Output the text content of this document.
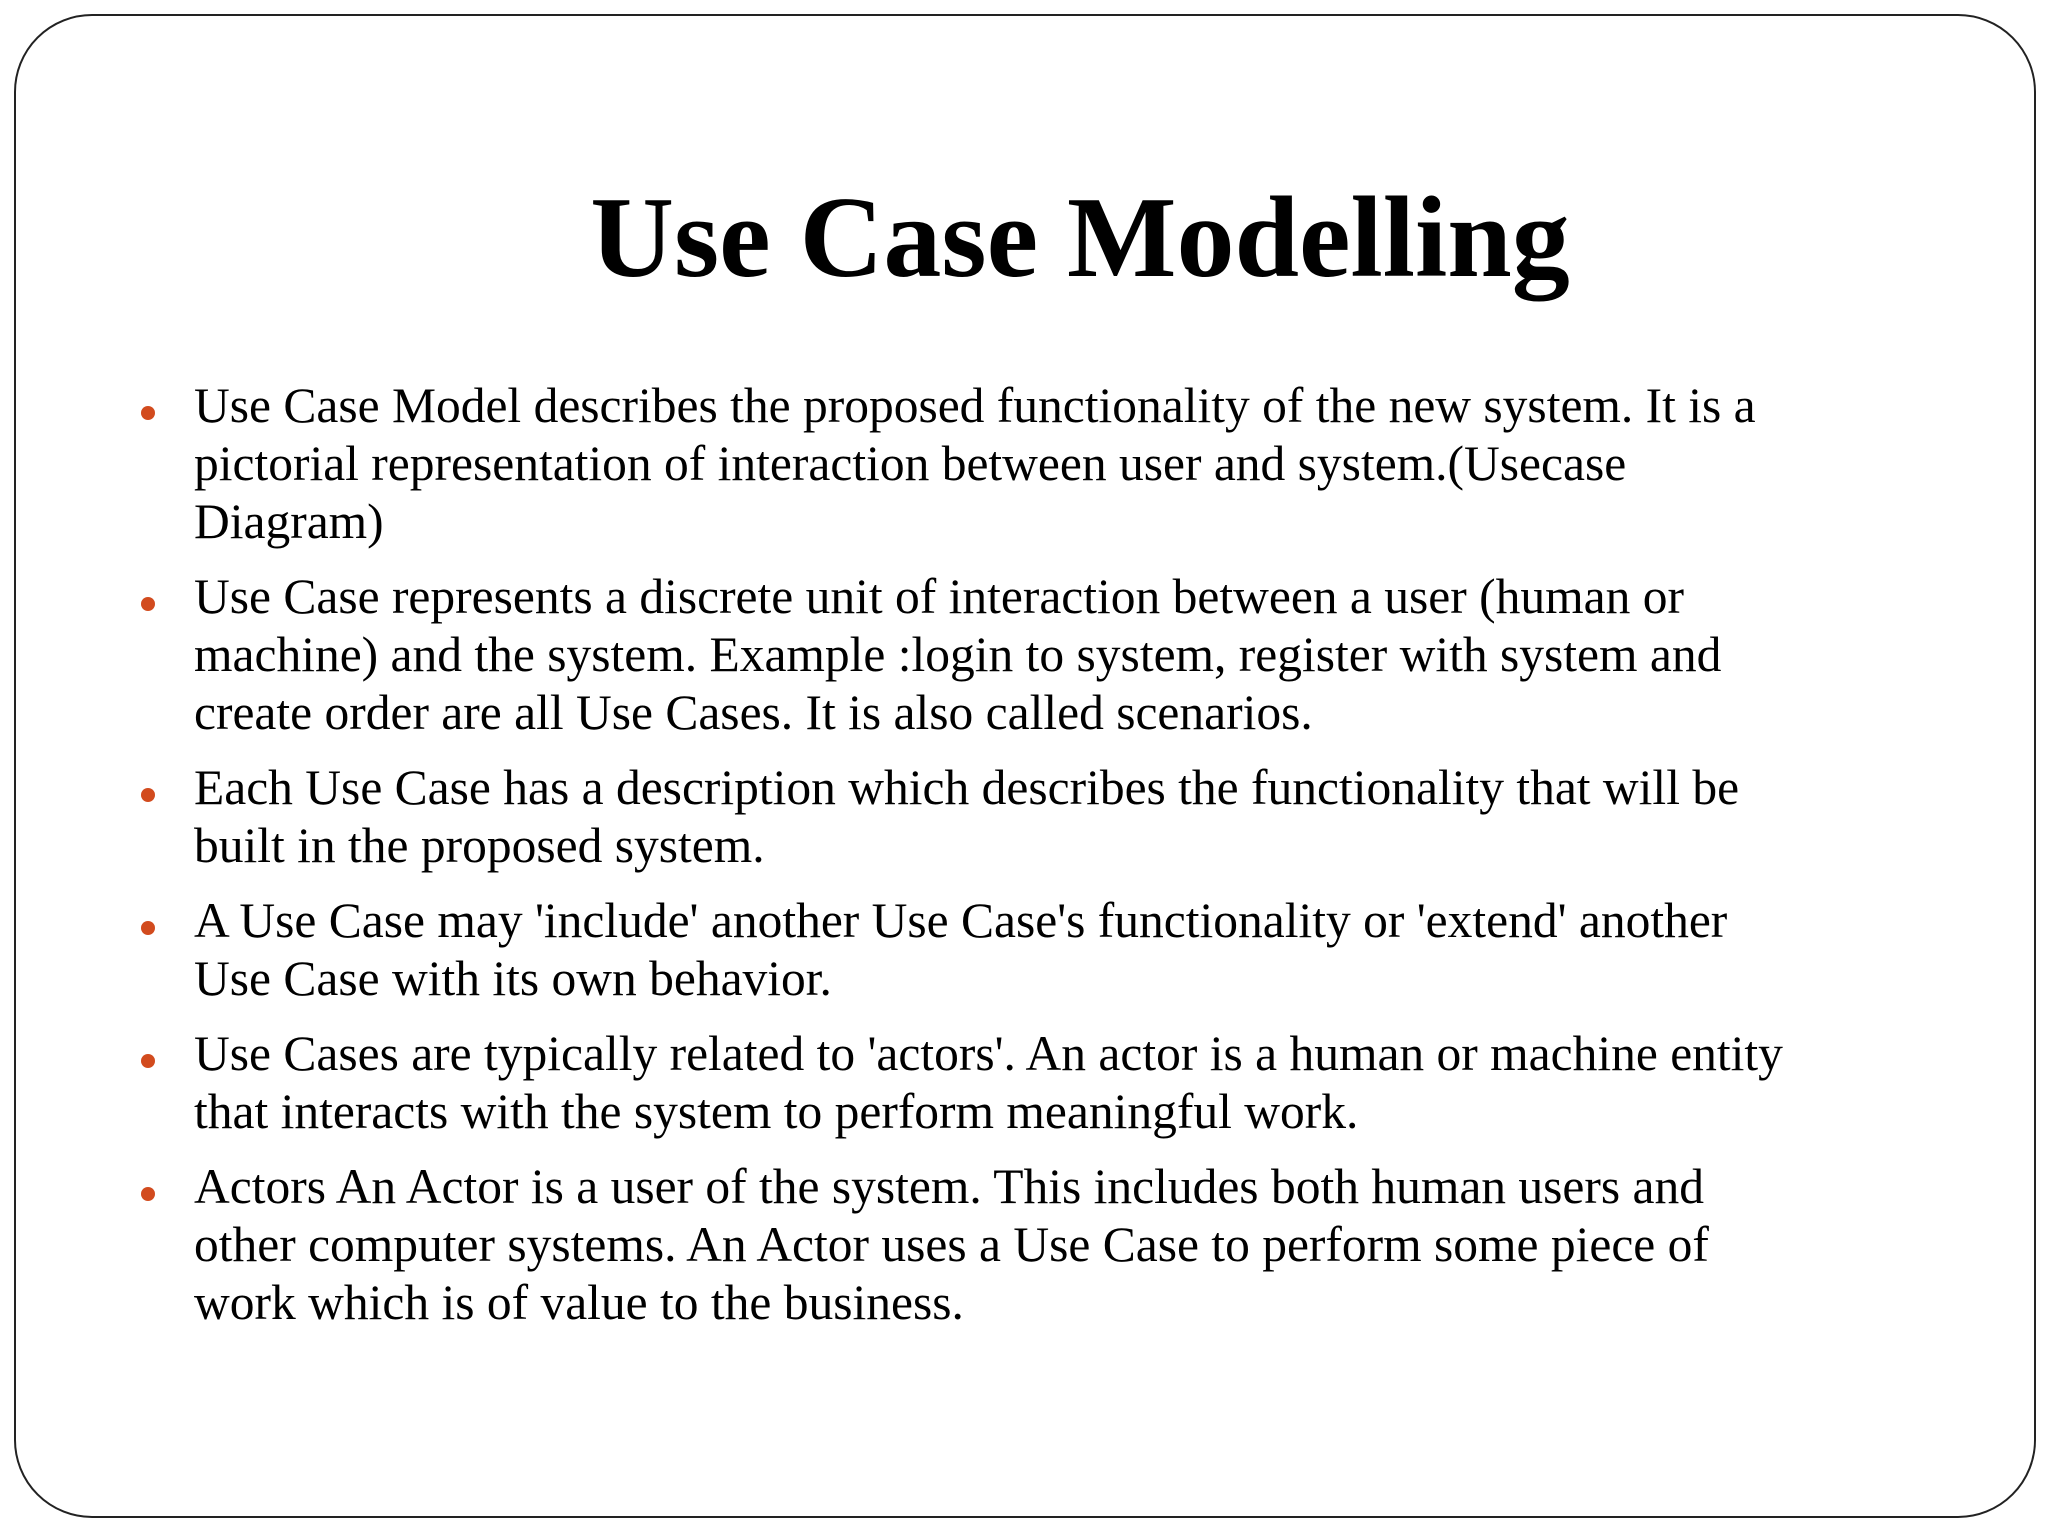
Use Case Modelling
Use Case Model describes the proposed functionality of the new system. It is a
pictorial representation of interaction between user and system.(Usecase
Diagram)
Use Case represents a discrete unit of interaction between a user (human or
machine) and the system. Example :login to system, register with system and
create order are all Use Cases. It is also called scenarios.
Each Use Case has a description which describes the functionality that will be
built in the proposed system.
A Use Case may 'include' another Use Case's functionality or 'extend' another
Use Case with its own behavior.
Use Cases are typically related to 'actors'. An actor is a human or machine entity
that interacts with the system to perform meaningful work.
Actors An Actor is a user of the system. This includes both human users and
other computer systems. An Actor uses a Use Case to perform some piece of
work which is of value to the business.
